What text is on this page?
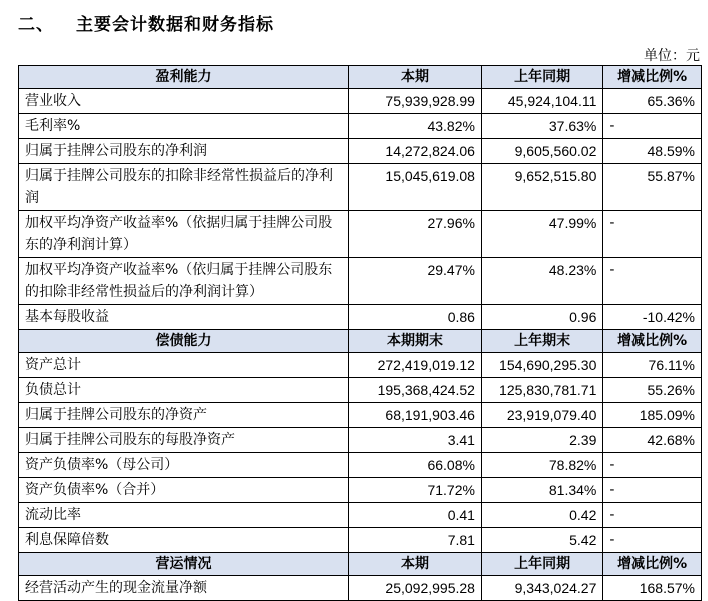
二、 主要会计数据和财务指标
单位：元
盈利能力	本期	上年同期	增减比例%
营业收入	75,939,928.99	45,924,104.11	65.36%
毛利率%	43.82%	37.63%	-
归属于挂牌公司股东的净利润	14,272,824.06	9,605,560.02	48.59%
归属于挂牌公司股东的扣除非经常性损益后的净利润	15,045,619.08	9,652,515.80	55.87%
加权平均净资产收益率%（依据归属于挂牌公司股东的净利润计算）	27.96%	47.99%	-
加权平均净资产收益率%（依归属于挂牌公司股东的扣除非经常性损益后的净利润计算）	29.47%	48.23%	-
基本每股收益	0.86	0.96	-10.42%
偿债能力	本期期末	上年期末	增减比例%
资产总计	272,419,019.12	154,690,295.30	76.11%
负债总计	195,368,424.52	125,830,781.71	55.26%
归属于挂牌公司股东的净资产	68,191,903.46	23,919,079.40	185.09%
归属于挂牌公司股东的每股净资产	3.41	2.39	42.68%
资产负债率%（母公司）	66.08%	78.82%	-
资产负债率%（合并）	71.72%	81.34%	-
流动比率	0.41	0.42	-
利息保障倍数	7.81	5.42	-
营运情况	本期	上年同期	增减比例%
经营活动产生的现金流量净额	25,092,995.28	9,343,024.27	168.57%
